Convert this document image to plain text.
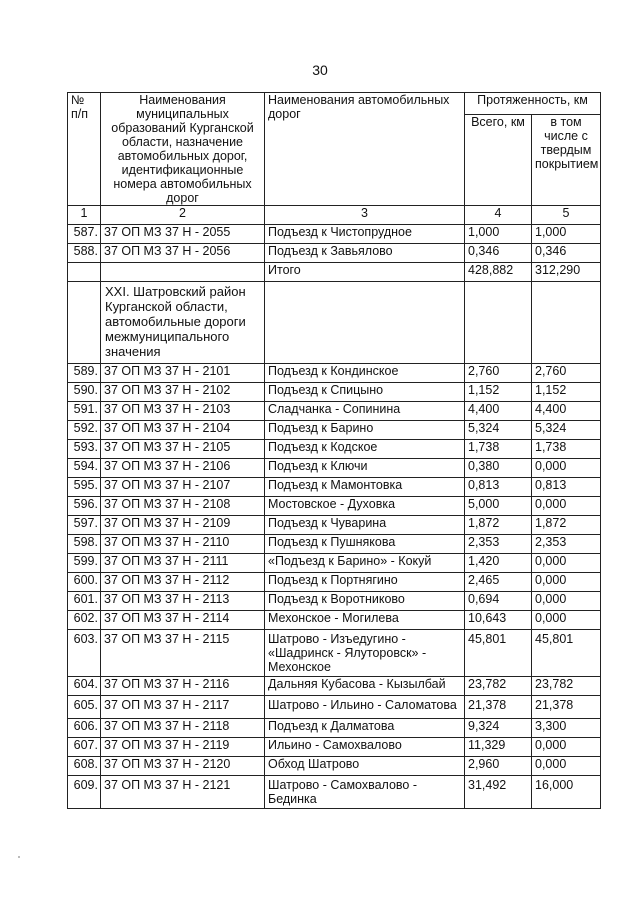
30
№ п/п	Наименования муниципальных образований Курганской области, назначение автомобильных дорог, идентификационные номера автомобильных дорог	Наименования автомобильных дорог	Протяженность, км	
			Всего, км	в том числе с твердым покрытием
1	2	3	4	5
587.	37 ОП МЗ 37 Н - 2055	Подъезд к Чистопрудное	1,000	1,000
588.	37 ОП МЗ 37 Н - 2056	Подъезд к Завьялово	0,346	0,346
		Итого	428,882	312,290
	XXI. Шатровский район Курганской области, автомобильные дороги межмуниципального значения			
589.	37 ОП МЗ 37 Н - 2101	Подъезд к Кондинское	2,760	2,760
590.	37 ОП МЗ 37 Н - 2102	Подъезд к Спицыно	1,152	1,152
591.	37 ОП МЗ 37 Н - 2103	Сладчанка - Сопинина	4,400	4,400
592.	37 ОП МЗ 37 Н - 2104	Подъезд к Барино	5,324	5,324
593.	37 ОП МЗ 37 Н - 2105	Подъезд к Кодское	1,738	1,738
594.	37 ОП МЗ 37 Н - 2106	Подъезд к Ключи	0,380	0,000
595.	37 ОП МЗ 37 Н - 2107	Подъезд к Мамонтовка	0,813	0,813
596.	37 ОП МЗ 37 Н - 2108	Мостовское - Духовка	5,000	0,000
597.	37 ОП МЗ 37 Н - 2109	Подъезд к Чуварина	1,872	1,872
598.	37 ОП МЗ 37 Н - 2110	Подъезд к Пушнякова	2,353	2,353
599.	37 ОП МЗ 37 Н - 2111	«Подъезд к Барино» - Кокуй	1,420	0,000
600.	37 ОП МЗ 37 Н - 2112	Подъезд к Портнягино	2,465	0,000
601.	37 ОП МЗ 37 Н - 2113	Подъезд к Воротниково	0,694	0,000
602.	37 ОП МЗ 37 Н - 2114	Мехонское - Могилева	10,643	0,000
603.	37 ОП МЗ 37 Н - 2115	Шатрово - Изъедугино - «Шадринск - Ялуторовск» - Мехонское	45,801	45,801
604.	37 ОП МЗ 37 Н - 2116	Дальняя Кубасова - Кызылбай	23,782	23,782
605.	37 ОП МЗ 37 Н - 2117	Шатрово - Ильино - Саломатова	21,378	21,378
606.	37 ОП МЗ 37 Н - 2118	Подъезд к Далматова	9,324	3,300
607.	37 ОП МЗ 37 Н - 2119	Ильино - Самохвалово	11,329	0,000
608.	37 ОП МЗ 37 Н - 2120	Обход Шатрово	2,960	0,000
609.	37 ОП МЗ 37 Н - 2121	Шатрово - Самохвалово - Бединка	31,492	16,000
